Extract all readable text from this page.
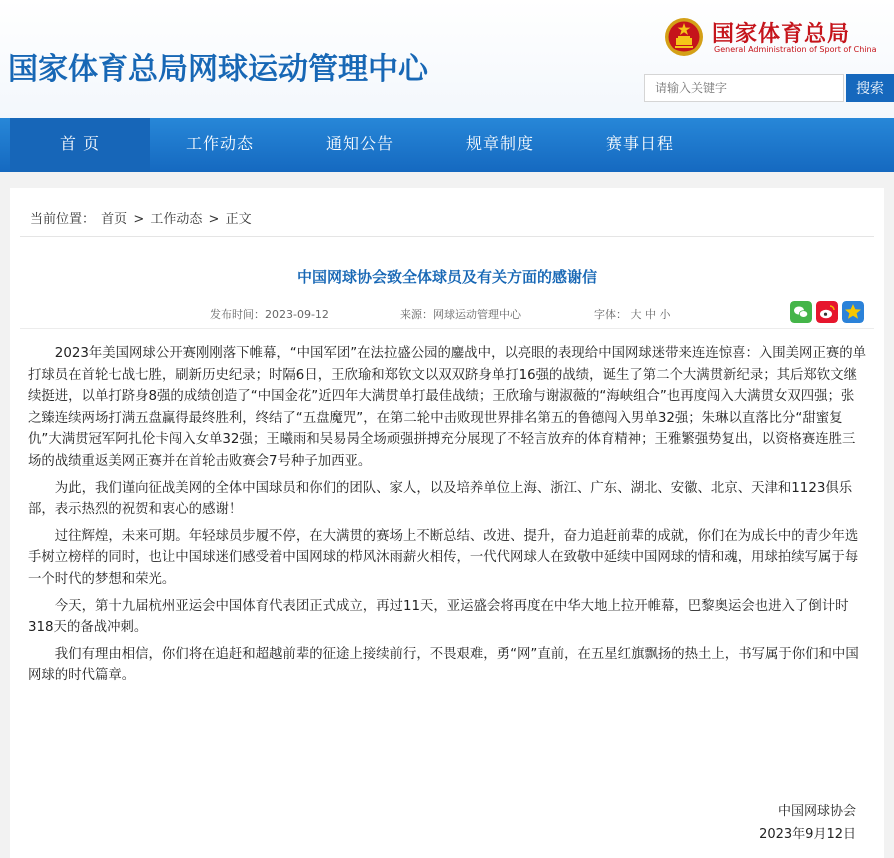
国家体育总局网球运动管理中心
国家体育总局
General Administration of Sport of China
请输入关键字
搜索
首 页	工作动态	通知公告	规章制度	赛事日程
当前位置： 首页 > 工作动态 > 正文
中国网球协会致全体球员及有关方面的感谢信
发布时间：2023-09-12	来源：网球运动管理中心	字体： 大 中 小

2023年美国网球公开赛刚刚落下帷幕，“中国军团”在法拉盛公园的鏖战中，以亮眼的表现给中国网球迷带来连连惊喜：入围美网正赛的单打球员在首轮七战七胜，刷新历史纪录；时隔6日，王欣瑜和郑钦文以双双跻身单打16强的战绩，诞生了第二个大满贯新纪录；其后郑钦文继续挺进，以单打跻身8强的成绩创造了“中国金花”近四年大满贯单打最佳战绩；王欣瑜与谢淑薇的“海峡组合”也再度闯入大满贯女双四强；张之臻连续两场打满五盘赢得最终胜利，终结了“五盘魔咒”，在第二轮中击败现世界排名第五的鲁德闯入男单32强；朱琳以直落比分“甜蜜复仇”大满贯冠军阿扎伦卡闯入女单32强；王曦雨和吴易昺全场顽强拼搏充分展现了不轻言放弃的体育精神；王雅繁强势复出，以资格赛连胜三场的战绩重返美网正赛并在首轮击败赛会7号种子加西亚。

为此，我们谨向征战美网的全体中国球员和你们的团队、家人，以及培养单位上海、浙江、广东、湖北、安徽、北京、天津和1123俱乐部，表示热烈的祝贺和衷心的感谢！

过往辉煌，未来可期。年轻球员步履不停，在大满贯的赛场上不断总结、改进、提升，奋力追赶前辈的成就，你们在为成长中的青少年选手树立榜样的同时，也让中国球迷们感受着中国网球的栉风沐雨薪火相传，一代代网球人在致敬中延续中国网球的情和魂，用球拍续写属于每一个时代的梦想和荣光。

今天，第十九届杭州亚运会中国体育代表团正式成立，再过11天，亚运盛会将再度在中华大地上拉开帷幕，巴黎奥运会也进入了倒计时318天的备战冲刺。

我们有理由相信，你们将在追赶和超越前辈的征途上接续前行，不畏艰难，勇“网”直前，在五星红旗飘扬的热土上，书写属于你们和中国网球的时代篇章。

中国网球协会
2023年9月12日
